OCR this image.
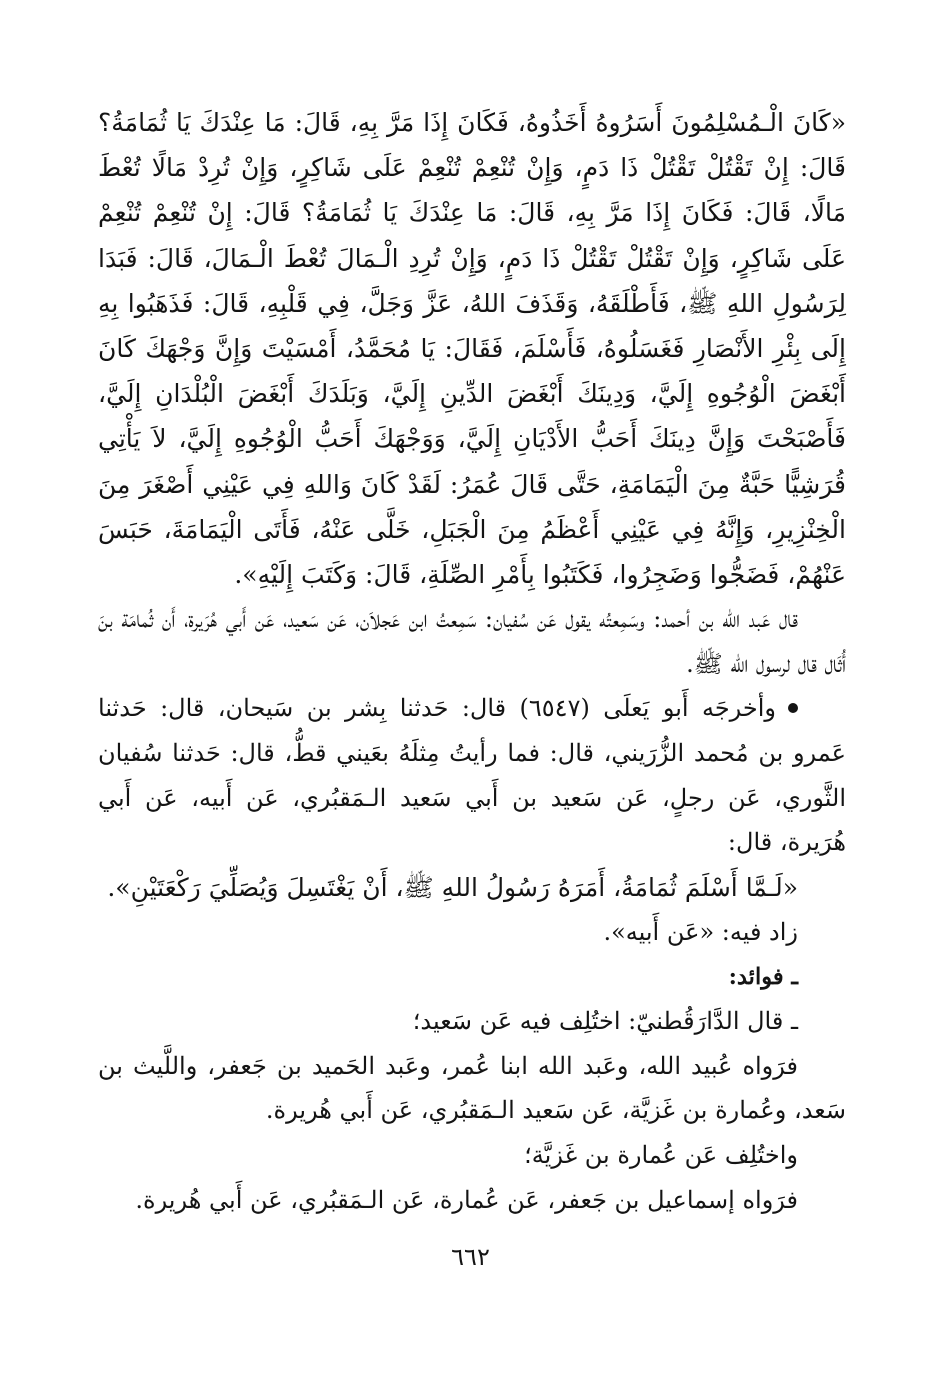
«كَانَ الْـمُسْلِمُونَ أَسَرُوهُ أَخَذُوهُ، فَكَانَ إِذَا مَرَّ بِهِ، قَالَ: مَا عِنْدَكَ يَا ثُمَامَةُ؟ قَالَ: إِنْ تَقْتُلْ تَقْتُلْ ذَا دَمٍ، وَإِنْ تُنْعِمْ تُنْعِمْ عَلَى شَاكِرٍ، وَإِنْ تُرِدْ مَالًا تُعْطَ مَالًا، قَالَ: فَكَانَ إِذَا مَرَّ بِهِ، قَالَ: مَا عِنْدَكَ يَا ثُمَامَةُ؟ قَالَ: إِنْ تُنْعِمْ تُنْعِمْ عَلَى شَاكِرٍ، وَإِنْ تَقْتُلْ تَقْتُلْ ذَا دَمٍ، وَإِنْ تُرِدِ الْـمَالَ تُعْطَ الْـمَالَ، قَالَ: فَبَدَا لِرَسُولِ اللهِ ﷺ، فَأَطْلَقَهُ، وَقَذَفَ اللهُ، عَزَّ وَجَلَّ، فِي قَلْبِهِ، قَالَ: فَذَهَبُوا بِهِ إِلَى بِئْرِ الأَنْصَارِ فَغَسَلُوهُ، فَأَسْلَمَ، فَقَالَ: يَا مُحَمَّدُ، أَمْسَيْتَ وَإِنَّ وَجْهَكَ كَانَ أَبْغَضَ الْوُجُوهِ إِلَيَّ، وَدِينَكَ أَبْغَضَ الدِّينِ إِلَيَّ، وَبَلَدَكَ أَبْغَضَ الْبُلْدَانِ إِلَيَّ، فَأَصْبَحْتَ وَإِنَّ دِينَكَ أَحَبُّ الأَدْيَانِ إِلَيَّ، وَوَجْهَكَ أَحَبُّ الْوُجُوهِ إِلَيَّ، لاَ يَأْتِي قُرَشِيًّا حَبَّةٌ مِنَ الْيَمَامَةِ، حَتَّى قَالَ عُمَرُ: لَقَدْ كَانَ وَاللهِ فِي عَيْنِي أَصْغَرَ مِنَ الْخِنْزِيرِ، وَإِنَّهُ فِي عَيْنِي أَعْظَمُ مِنَ الْجَبَلِ، خَلَّى عَنْهُ، فَأَتَى الْيَمَامَةَ، حَبَسَ عَنْهُمْ، فَضَجُّوا وَضَجِرُوا، فَكَتَبُوا بِأَمْرِ الصِّلَةِ، قَالَ: وَكَتَبَ إِلَيْهِ».

قال عَبد الله بن أحمد: وسَمِعتُه يقول عَن سُفيان: سَمِعتُ ابن عَجلاَن، عَن سَعيد، عَن أَبي هُرَيرة، أَن ثُمامَة بنَ أُثَال قال لرسول الله ﷺ.

وأخرجَه أَبو يَعلَى (٦٥٤٧) قال: حَدثنا بِشر بن سَيحان، قال: حَدثنا عَمرو بن مُحمد الزُّرَيني، قال: فما رأيتُ مِثلَهُ بعَيني قطُّ، قال: حَدثنا سُفيان الثَّوري، عَن رجلٍ، عَن سَعيد بن أَبي سَعيد الـمَقبُري، عَن أَبيه، عَن أَبي هُرَيرة، قال:

«لَـمَّا أَسْلَمَ ثُمَامَةُ، أَمَرَهُ رَسُولُ اللهِ ﷺ، أَنْ يَغْتَسِلَ وَيُصَلِّيَ رَكْعَتَيْنِ».

زاد فيه: «عَن أَبيه».

ـ فوائد:

ـ قال الدَّارَقُطنيّ: اختُلِف فيه عَن سَعيد؛

فرَواه عُبيد الله، وعَبد الله ابنا عُمر، وعَبد الحَميد بن جَعفر، واللَّيث بن سَعد، وعُمارة بن غَزيَّة، عَن سَعيد الـمَقبُري، عَن أَبي هُريرة.

واختُلِف عَن عُمارة بن غَزيَّة؛

فرَواه إسماعيل بن جَعفر، عَن عُمارة، عَن الـمَقبُري، عَن أَبي هُريرة.

٦٦٢
